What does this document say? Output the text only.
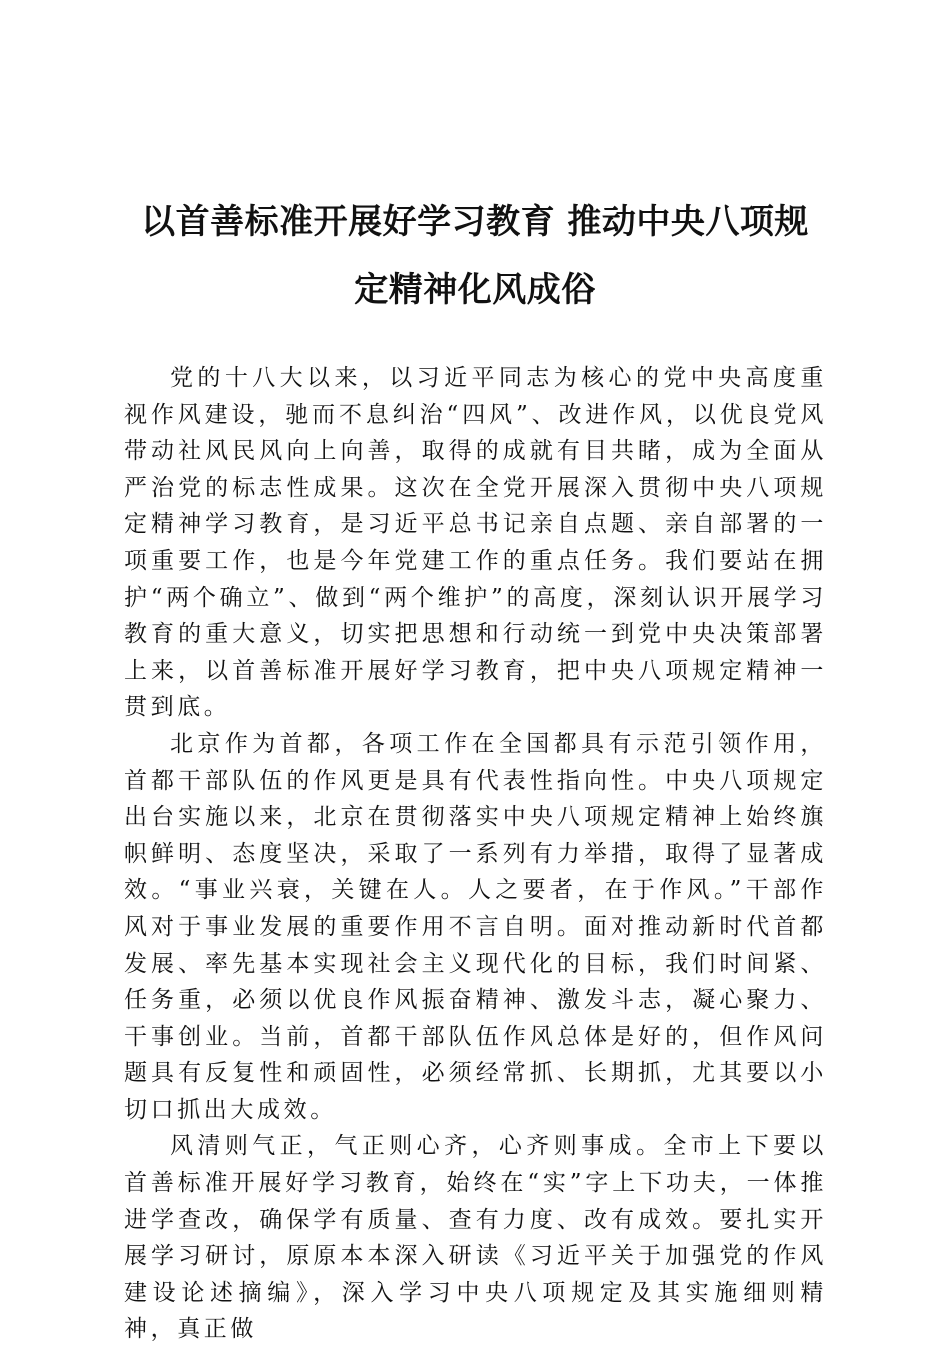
以首善标准开展好学习教育 推动中央八项规
定精神化风成俗

党的十八大以来，以习近平同志为核心的党中央高度重视作风建设，驰而不息纠治“四风”、改进作风，以优良党风带动社风民风向上向善，取得的成就有目共睹，成为全面从严治党的标志性成果。这次在全党开展深入贯彻中央八项规定精神学习教育，是习近平总书记亲自点题、亲自部署的一项重要工作，也是今年党建工作的重点任务。我们要站在拥护“两个确立”、做到“两个维护”的高度，深刻认识开展学习教育的重大意义，切实把思想和行动统一到党中央决策部署上来，以首善标准开展好学习教育，把中央八项规定精神一贯到底。

北京作为首都，各项工作在全国都具有示范引领作用，首都干部队伍的作风更是具有代表性指向性。中央八项规定出台实施以来，北京在贯彻落实中央八项规定精神上始终旗帜鲜明、态度坚决，采取了一系列有力举措，取得了显著成效。“事业兴衰，关键在人。人之要者，在于作风。”干部作风对于事业发展的重要作用不言自明。面对推动新时代首都发展、率先基本实现社会主义现代化的目标，我们时间紧、任务重，必须以优良作风振奋精神、激发斗志，凝心聚力、干事创业。当前，首都干部队伍作风总体是好的，但作风问题具有反复性和顽固性，必须经常抓、长期抓，尤其要以小切口抓出大成效。

风清则气正，气正则心齐，心齐则事成。全市上下要以首善标准开展好学习教育，始终在“实”字上下功夫，一体推进学查改，确保学有质量、查有力度、改有成效。要扎实开展学习研讨，原原本本深入研读《习近平关于加强党的作风建设论述摘编》，深入学习中央八项规定及其实施细则精神，真正做
